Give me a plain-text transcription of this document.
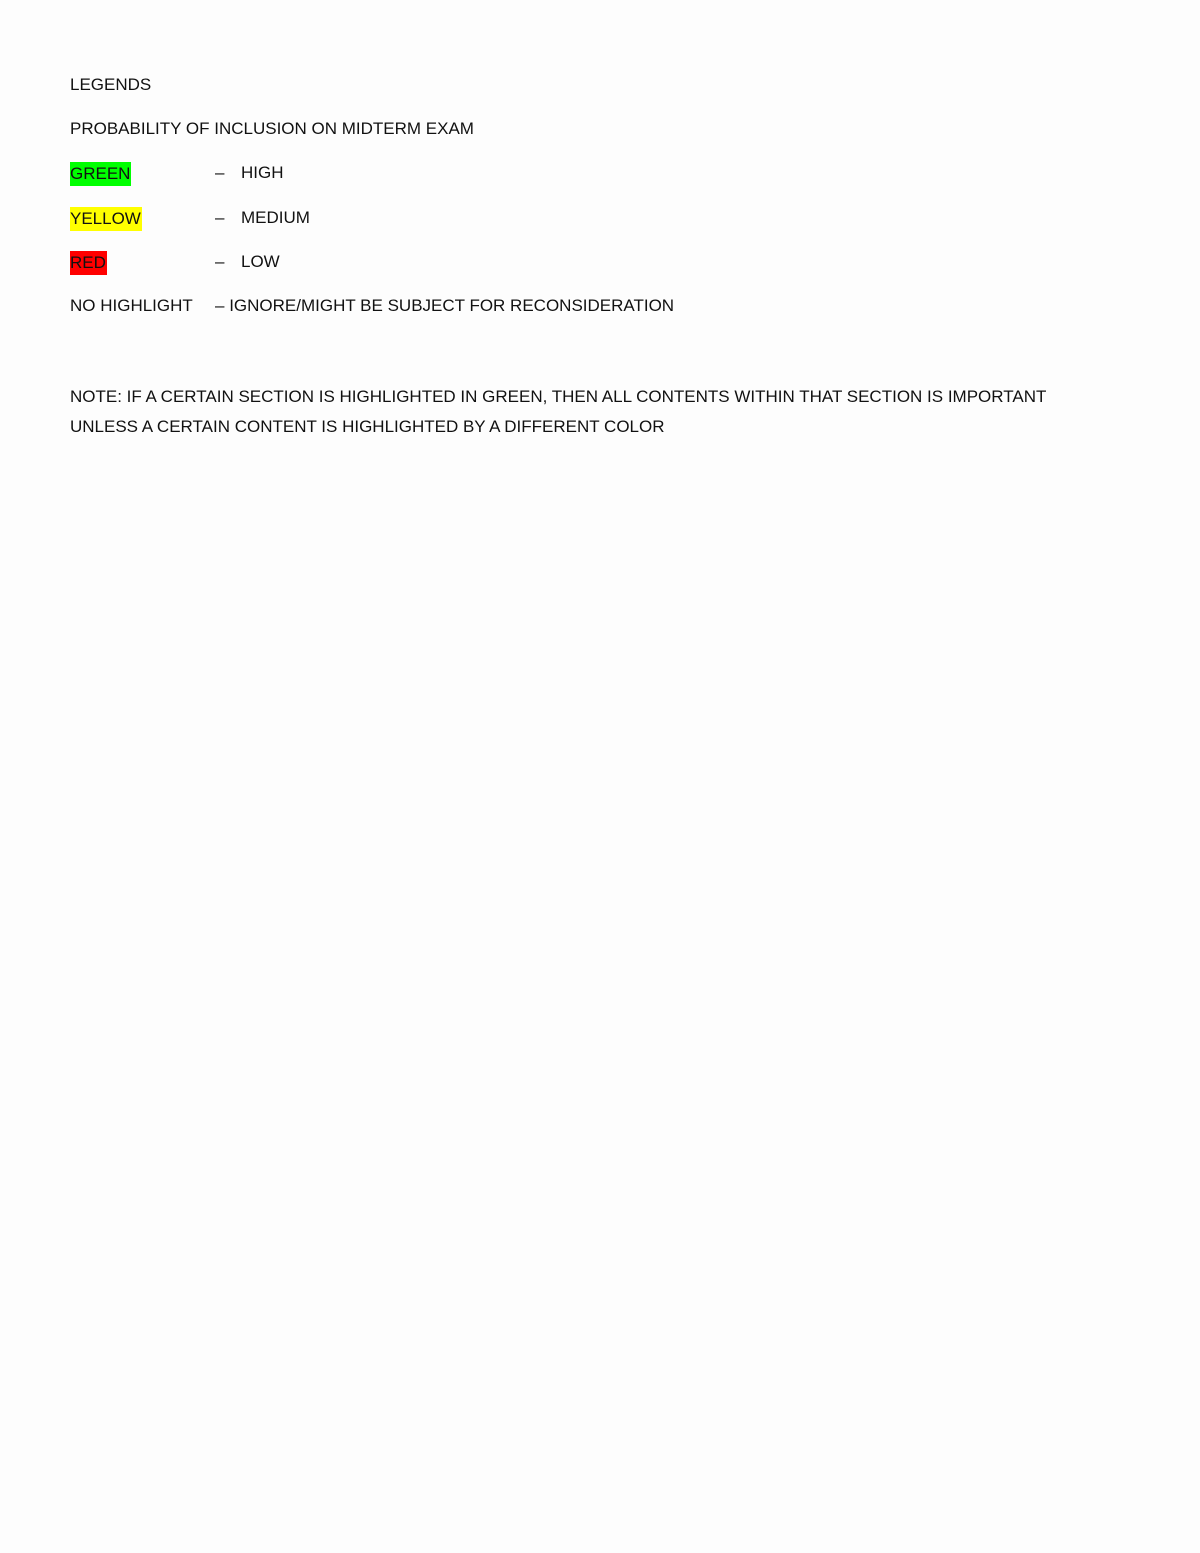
LEGENDS
PROBABILITY OF INCLUSION ON MIDTERM EXAM
GREEN	– HIGH
YELLOW	– MEDIUM
RED	– LOW
NO HIGHLIGHT – IGNORE/MIGHT BE SUBJECT FOR RECONSIDERATION
NOTE: IF A CERTAIN SECTION IS HIGHLIGHTED IN GREEN, THEN ALL CONTENTS WITHIN THAT SECTION IS IMPORTANT
UNLESS A CERTAIN CONTENT IS HIGHLIGHTED BY A DIFFERENT COLOR
